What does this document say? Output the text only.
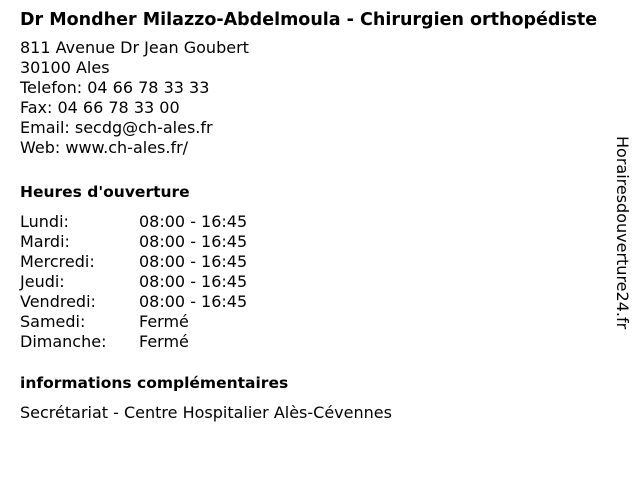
Dr Mondher Milazzo-Abdelmoula - Chirurgien orthopédiste
811 Avenue Dr Jean Goubert
30100 Ales
Telefon: 04 66 78 33 33
Fax: 04 66 78 33 00
Email: secdg@ch-ales.fr
Web: www.ch-ales.fr/
Heures d'ouverture
Lundi:	08:00 - 16:45
Mardi:	08:00 - 16:45
Mercredi:	08:00 - 16:45
Jeudi:	08:00 - 16:45
Vendredi:	08:00 - 16:45
Samedi:	Fermé
Dimanche:	Fermé
informations complémentaires
Secrétariat - Centre Hospitalier Alès-Cévennes
Horairesdouverture24.fr
